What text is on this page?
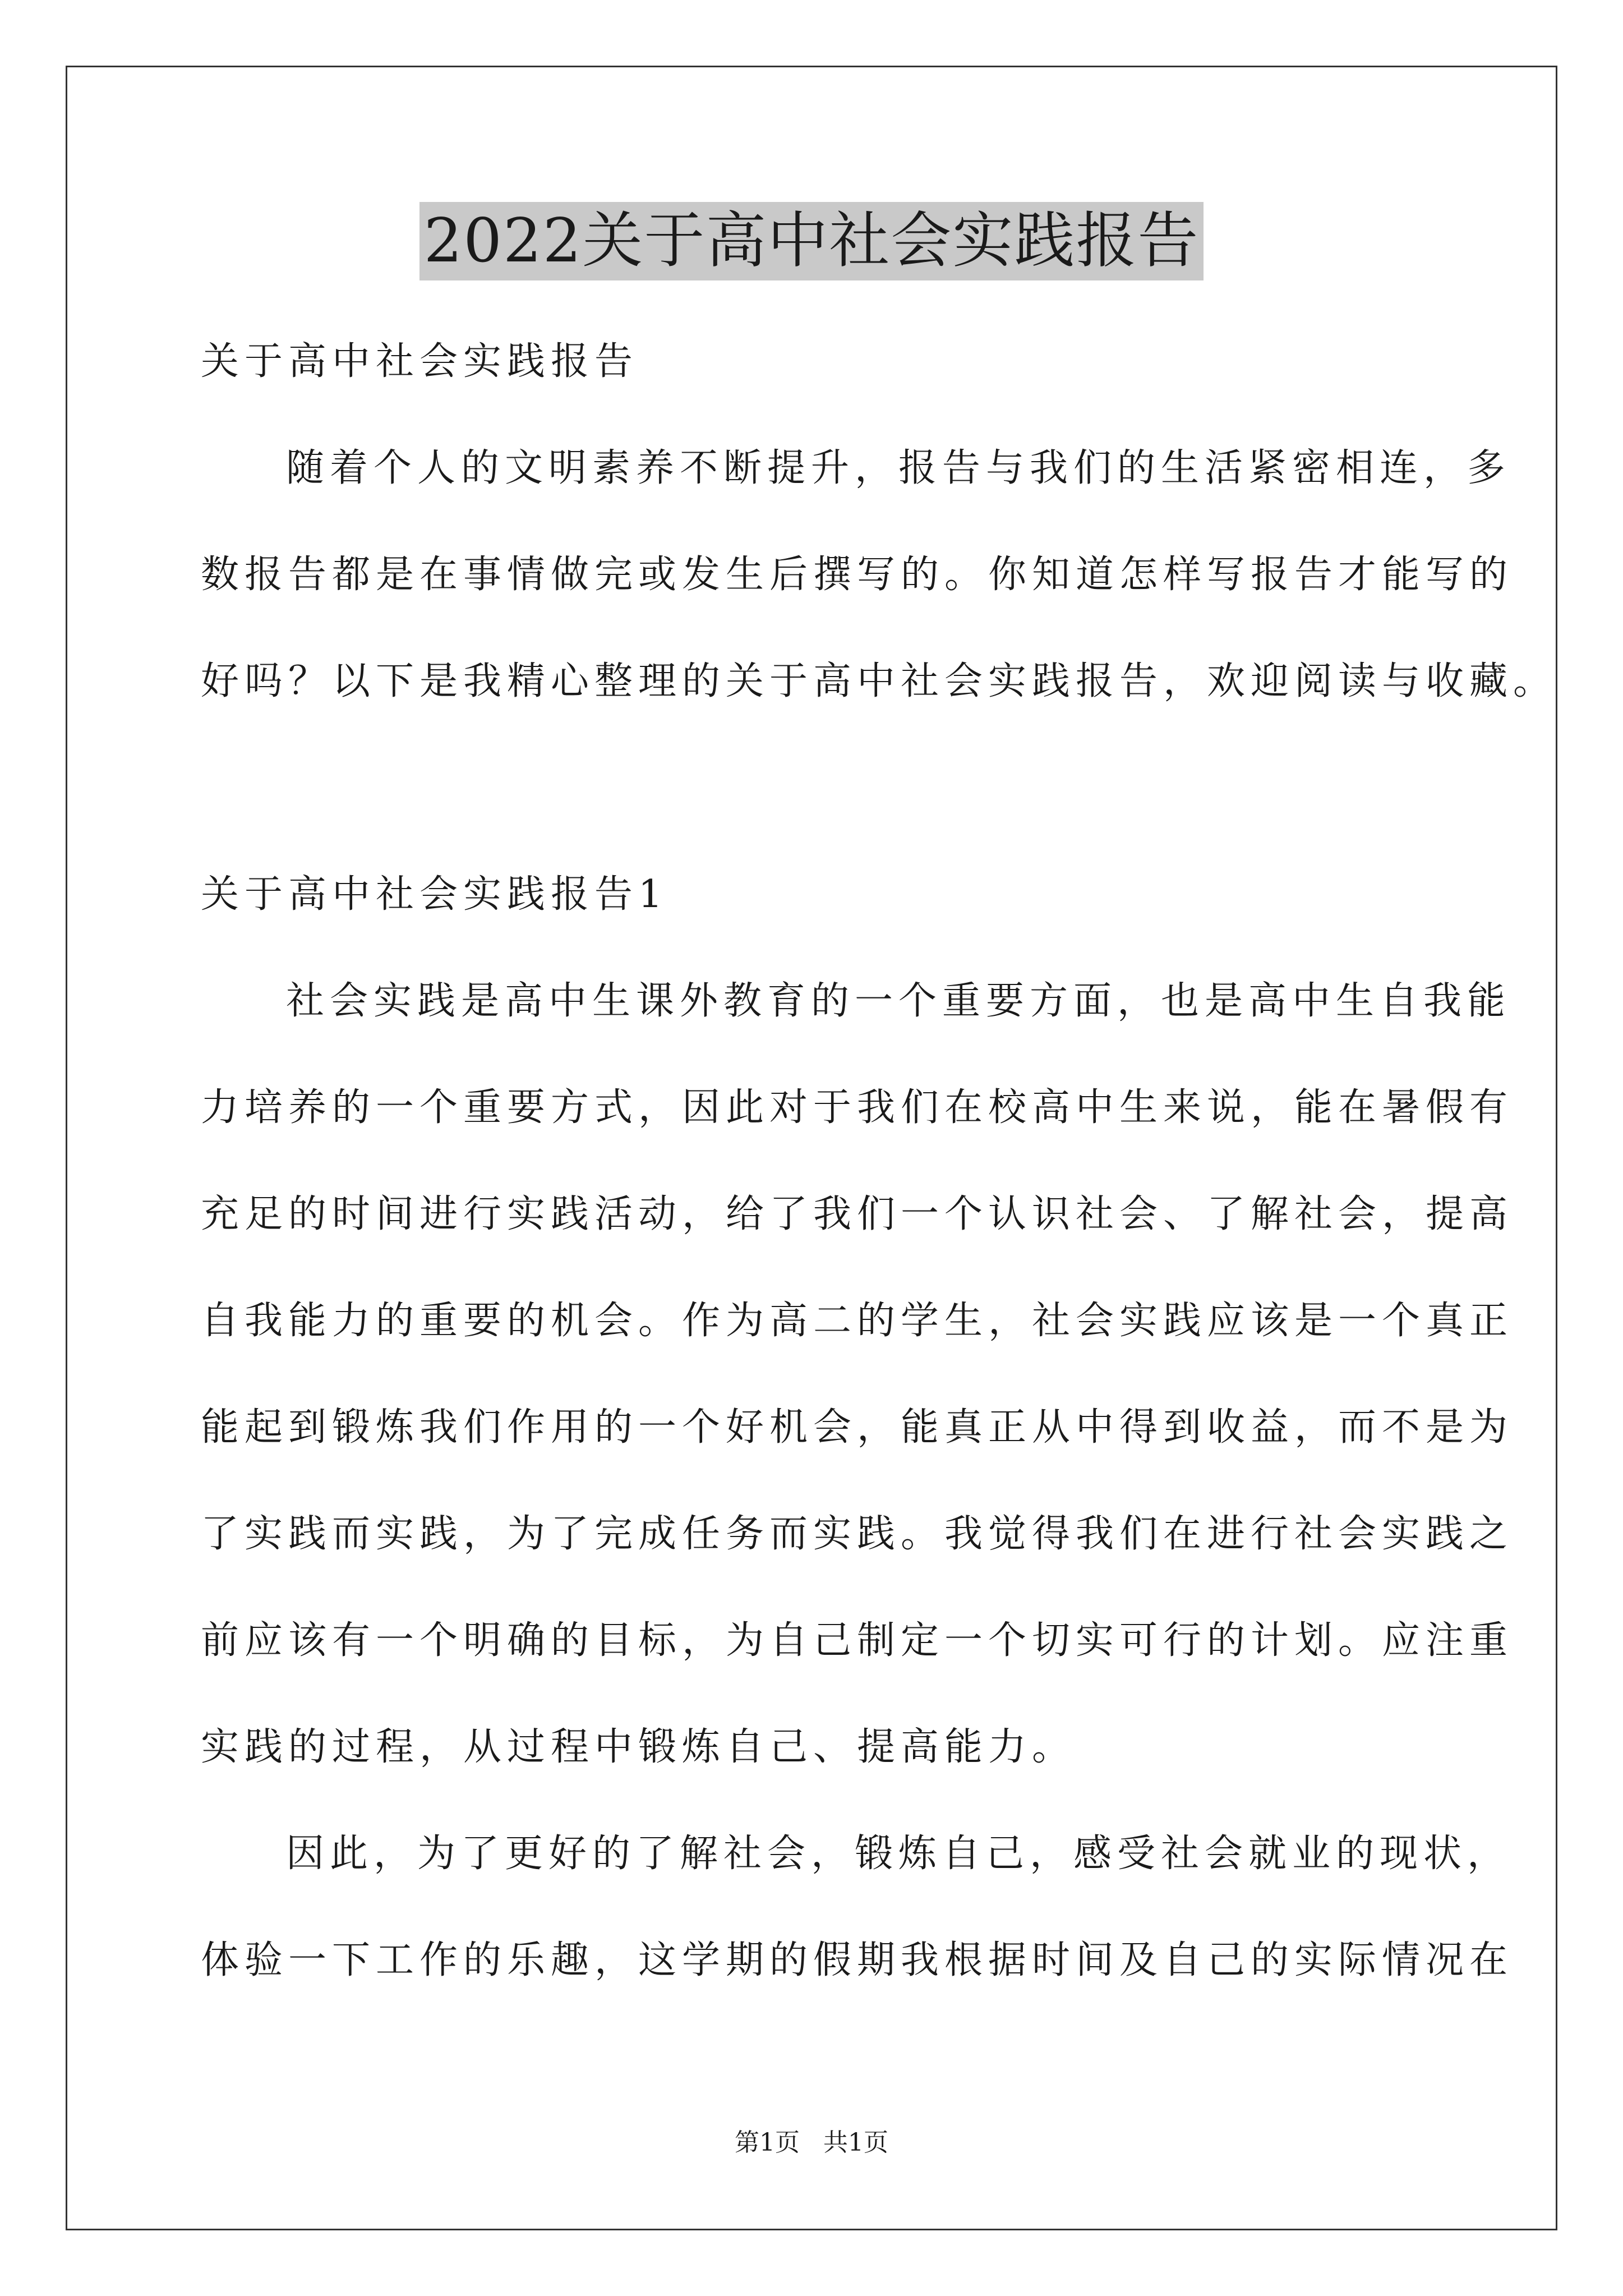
2022关于高中社会实践报告
关于高中社会实践报告
随着个人的文明素养不断提升，报告与我们的生活紧密相连，多
数报告都是在事情做完或发生后撰写的。你知道怎样写报告才能写的
好吗？以下是我精心整理的关于高中社会实践报告，欢迎阅读与收藏。
关于高中社会实践报告1
社会实践是高中生课外教育的一个重要方面，也是高中生自我能
力培养的一个重要方式，因此对于我们在校高中生来说，能在暑假有
充足的时间进行实践活动，给了我们一个认识社会、了解社会，提高
自我能力的重要的机会。作为高二的学生，社会实践应该是一个真正
能起到锻炼我们作用的一个好机会，能真正从中得到收益，而不是为
了实践而实践，为了完成任务而实践。我觉得我们在进行社会实践之
前应该有一个明确的目标，为自己制定一个切实可行的计划。应注重
实践的过程，从过程中锻炼自己、提高能力。
因此，为了更好的了解社会，锻炼自己，感受社会就业的现状，
体验一下工作的乐趣，这学期的假期我根据时间及自己的实际情况在
第1页 共1页
